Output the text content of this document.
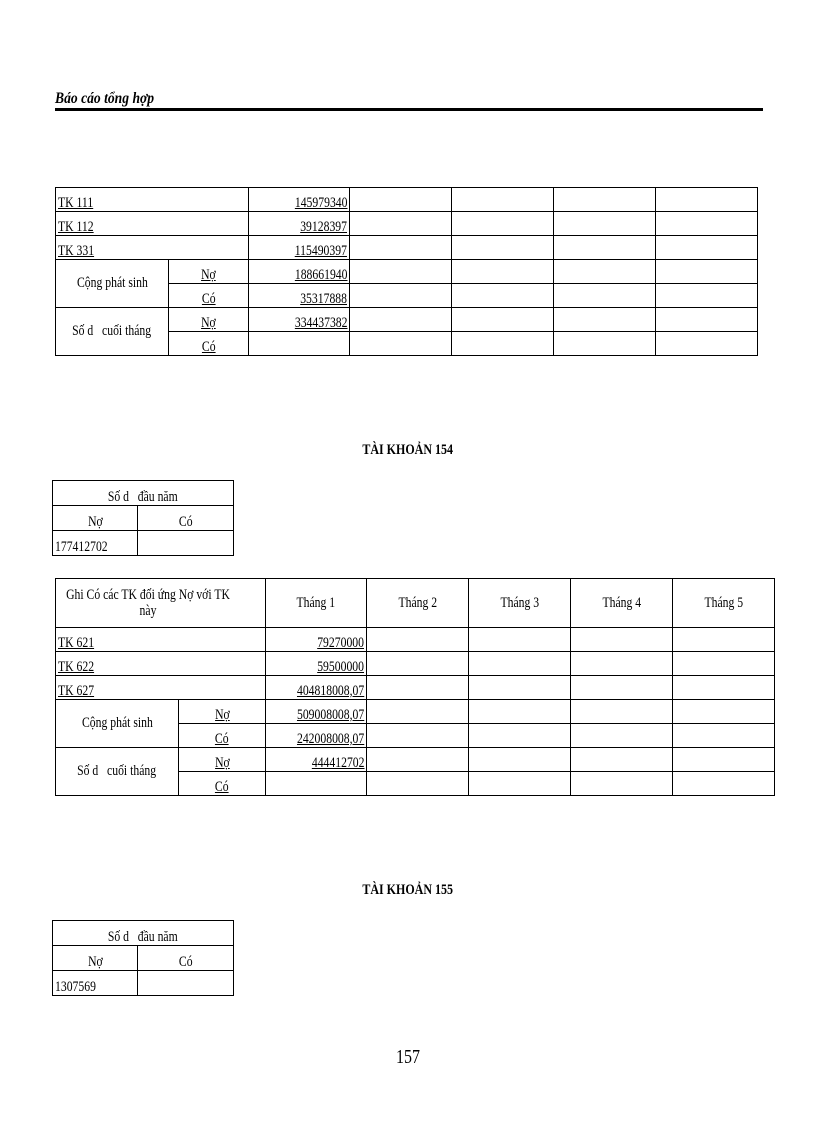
Báo cáo tổng hợp
TK 111		145979340				
TK 112		39128397				
TK 331		115490397				
Cộng phát sinh	Nợ	188661940				
	Có	35317888				
Số d   cuối tháng	Nợ	334437382				
	Có					
TÀI KHOẢN 154
Số d   đầu năm	
Nợ	Có
177412702	
Ghi Có các TK đối ứng Nợ với TK này		Tháng 1	Tháng 2	Tháng 3	Tháng 4	Tháng 5
TK 621		79270000				
TK 622		59500000				
TK 627		404818008,07				
Cộng phát sinh	Nợ	509008008,07				
	Có	242008008,07				
Số d   cuối tháng	Nợ	444412702				
	Có					
TÀI KHOẢN 155
Số d   đầu năm	
Nợ	Có
1307569	
157
